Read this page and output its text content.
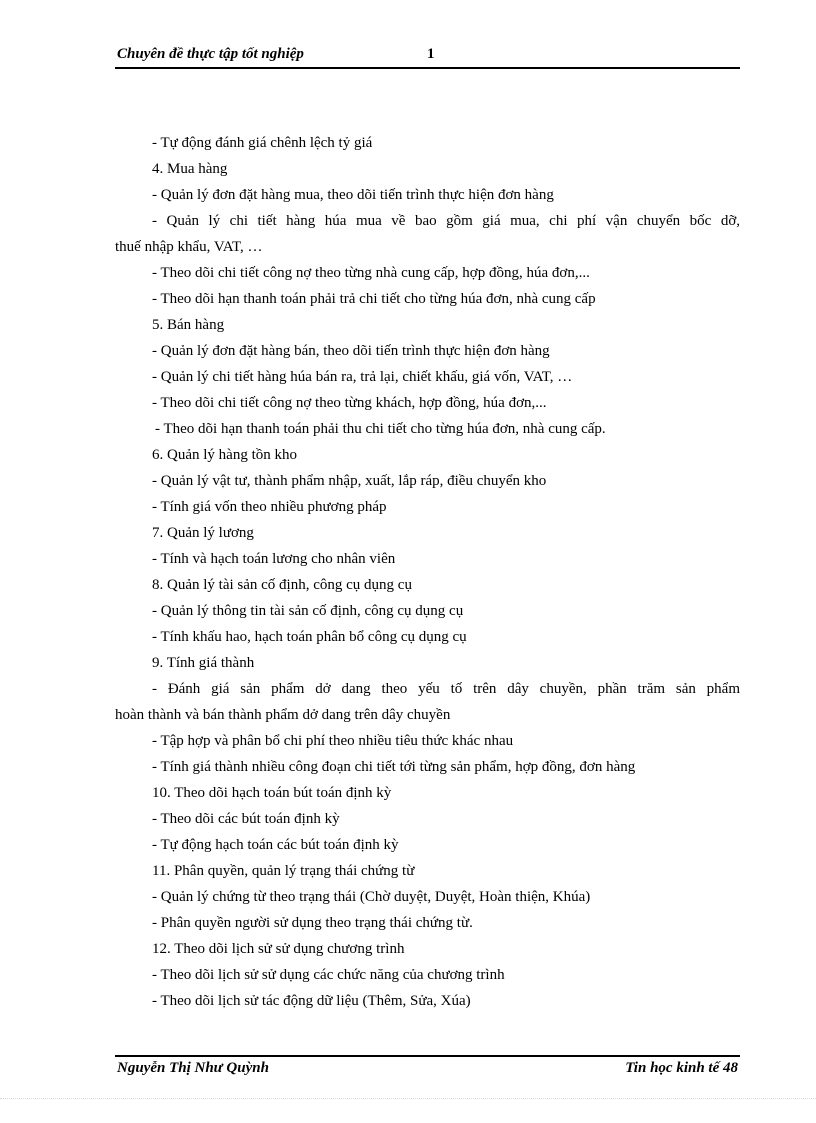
Chuyên đề thực tập tốt nghiệp	1
- Tự động đánh giá chênh lệch tỷ giá
4. Mua hàng
- Quản lý đơn đặt hàng mua, theo dõi tiến trình thực hiện đơn hàng
- Quản lý chi tiết hàng húa mua về bao gồm giá mua, chi phí vận chuyển bốc dỡ,
thuế nhập khẩu, VAT, …
- Theo dõi chi tiết công nợ theo từng nhà cung cấp, hợp đồng, húa đơn,...
- Theo dõi hạn thanh toán phải trả chi tiết cho từng húa đơn, nhà cung cấp
5. Bán hàng
- Quản lý đơn đặt hàng bán, theo dõi tiến trình thực hiện đơn hàng
- Quản lý chi tiết hàng húa bán ra, trả lại, chiết khấu, giá vốn, VAT, …
- Theo dõi chi tiết công nợ theo từng khách, hợp đồng, húa đơn,...
- Theo dõi hạn thanh toán phải thu chi tiết cho từng húa đơn, nhà cung cấp.
6. Quản lý hàng tồn kho
- Quản lý vật tư, thành phẩm nhập, xuất, lắp ráp, điều chuyển kho
- Tính giá vốn theo nhiều phương pháp
7. Quản lý lương
- Tính và hạch toán lương cho nhân viên
8. Quản lý tài sản cố định, công cụ dụng cụ
- Quản lý thông tin tài sản cố định, công cụ dụng cụ
- Tính khấu hao, hạch toán phân bổ công cụ dụng cụ
9. Tính giá thành
- Đánh giá sản phẩm dở dang theo yếu tố trên dây chuyền, phần trăm sản phẩm
hoàn thành và bán thành phẩm dở dang trên dây chuyền
- Tập hợp và phân bổ chi phí theo nhiều tiêu thức khác nhau
- Tính giá thành nhiều công đoạn chi tiết tới từng sản phẩm, hợp đồng, đơn hàng
10. Theo dõi hạch toán bút toán định kỳ
- Theo dõi các bút toán định kỳ
- Tự động hạch toán các bút toán định kỳ
11. Phân quyền, quản lý trạng thái chứng từ
- Quản lý chứng từ theo trạng thái (Chờ duyệt, Duyệt, Hoàn thiện, Khúa)
- Phân quyền người sử dụng theo trạng thái chứng từ.
12. Theo dõi lịch sử sử dụng chương trình
- Theo dõi lịch sử sử dụng các chức năng của chương trình
- Theo dõi lịch sử tác động dữ liệu (Thêm, Sửa, Xúa)
Nguyễn Thị Như Quỳnh	Tin học kinh tế 48
